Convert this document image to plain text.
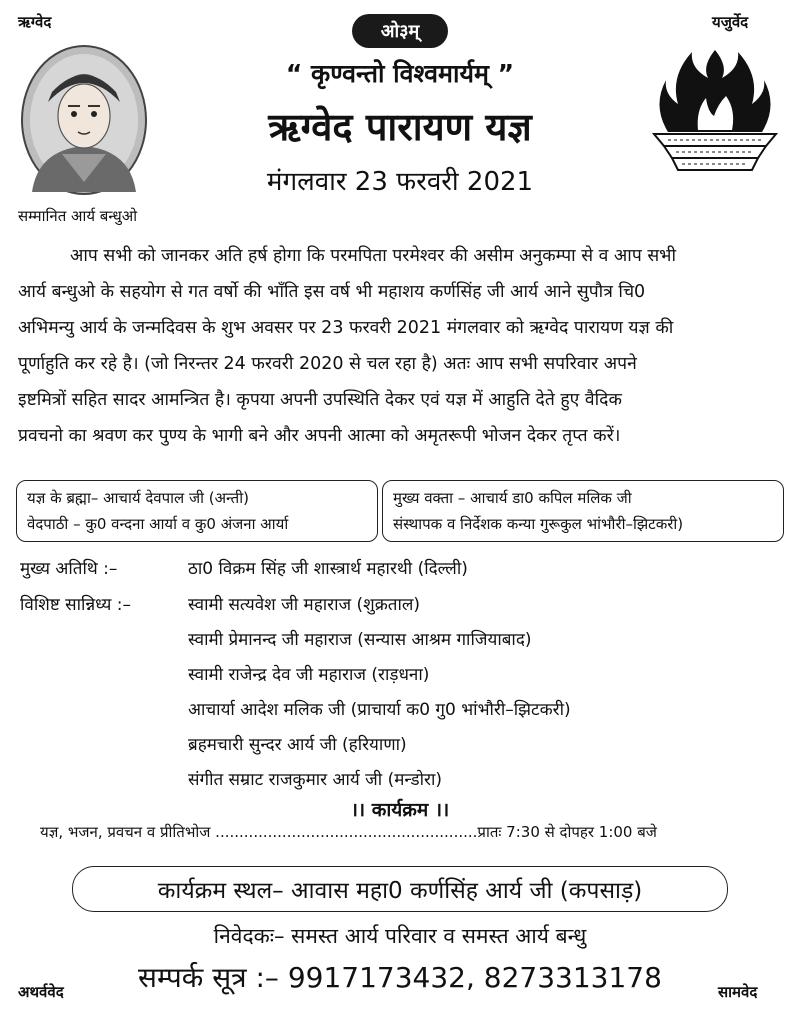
ऋग्वेद	यजुर्वेद
अथर्ववेद	सामवेद
ओ३म्
“ कृण्वन्तो विश्वमार्यम् ”
ऋग्वेद पारायण यज्ञ
मंगलवार 23 फरवरी 2021
सम्मानित आर्य बन्धुओ
आप सभी को जानकर अति हर्ष होगा कि परमपिता परमेश्वर की असीम अनुकम्पा से व आप सभी
आर्य बन्धुओ के सहयोग से गत वर्षो की भाँति इस वर्ष भी महाशय कर्णसिंह जी आर्य आने सुपौत्र चि0
अभिमन्यु आर्य के जन्मदिवस के शुभ अवसर पर 23 फरवरी 2021 मंगलवार को ऋग्वेद पारायण यज्ञ की
पूर्णाहुति कर रहे है। (जो निरन्तर 24 फरवरी 2020 से चल रहा है) अतः आप सभी सपरिवार अपने
इष्टमित्रों सहित सादर आमन्त्रित है। कृपया अपनी उपस्थिति देकर एवं यज्ञ में आहुति देते हुए वैदिक
प्रवचनो का श्रवण कर पुण्य के भागी बने और अपनी आत्मा को अमृतरूपी भोजन देकर तृप्त करें।
यज्ञ के ब्रह्मा– आचार्य देवपाल जी (अन्ती)
वेदपाठी – कु0 वन्दना आर्या व कु0 अंजना आर्या
मुख्य वक्ता – आचार्य डा0 कपिल मलिक जी
संस्थापक व निर्देशक कन्या गुरूकुल भांभौरी–झिटकरी)
मुख्य अतिथि :–	ठा0 विक्रम सिंह जी शास्त्रार्थ महारथी (दिल्ली)
विशिष्ट सान्निध्य :–	स्वामी सत्यवेश जी महाराज (शुक्रताल)
स्वामी प्रेमानन्द जी महाराज (सन्यास आश्रम गाजियाबाद)
स्वामी राजेन्द्र देव जी महाराज (राड़धना)
आचार्या आदेश मलिक जी (प्राचार्या क0 गु0 भांभौरी–झिटकरी)
ब्रहमचारी सुन्दर आर्य जी (हरियाणा)
संगीत सम्राट राजकुमार आर्य जी (मन्डोरा)
।। कार्यक्रम ।।
यज्ञ, भजन, प्रवचन व प्रीतिभोज .......................................................प्रातः 7:30 से दोपहर 1:00 बजे
कार्यक्रम स्थल– आवास महा0 कर्णसिंह आर्य जी (कपसाड़)
निवेदकः– समस्त आर्य परिवार व समस्त आर्य बन्धु
सम्पर्क सूत्र :– 9917173432, 8273313178
